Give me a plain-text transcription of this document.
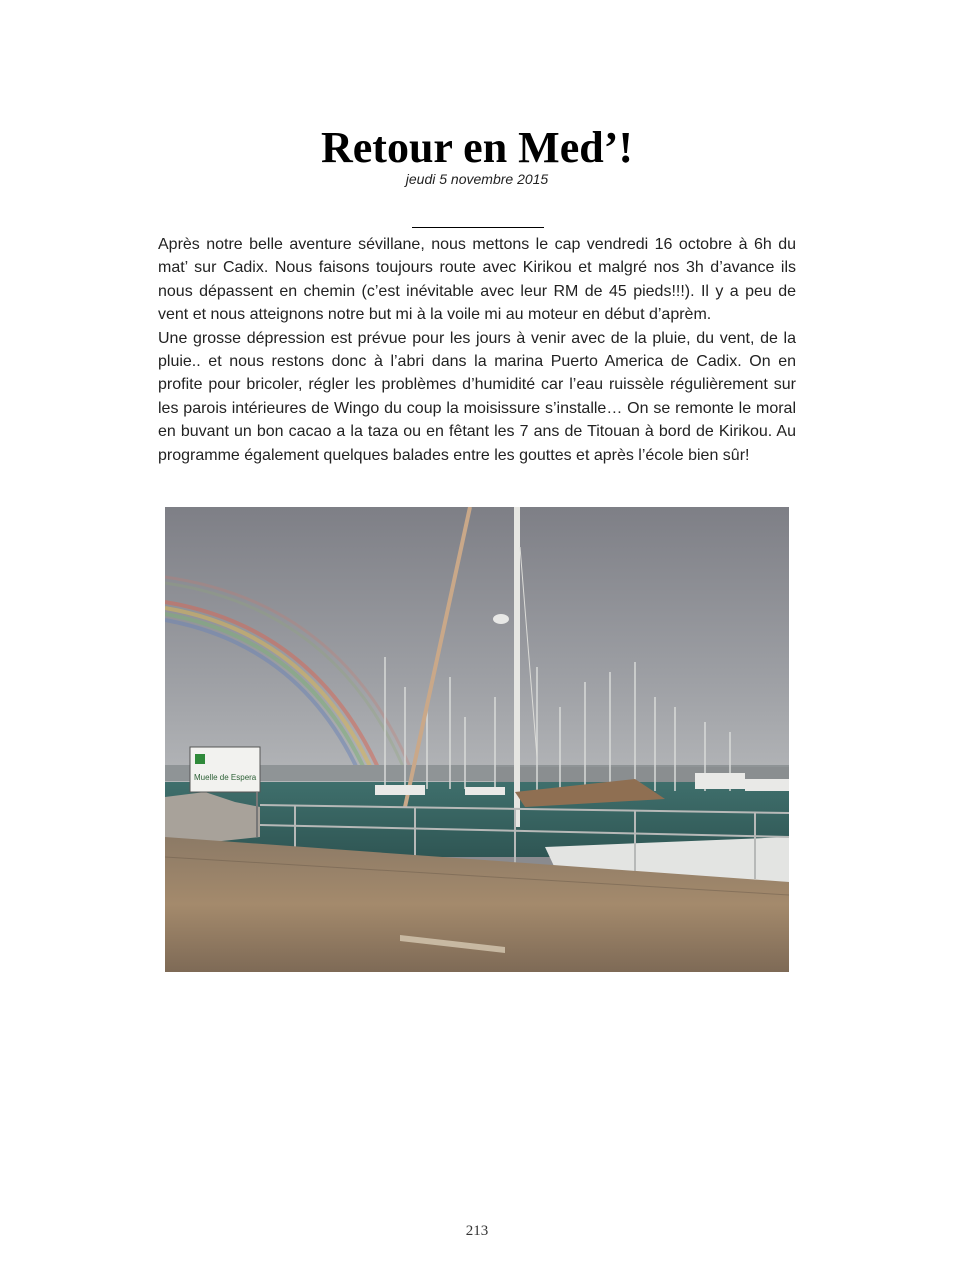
Retour en Med’!
jeudi 5 novembre 2015

Après notre belle aventure sévillane, nous mettons le cap vendredi 16 octobre à 6h du mat’ sur Cadix. Nous faisons toujours route avec Kirikou et malgré nos 3h d’avance ils nous dépassent en chemin (c’est inévitable avec leur RM de 45 pieds!!!). Il y a peu de vent et nous atteignons notre but mi à la voile mi au moteur en début d’aprèm.

Une grosse dépression est prévue pour les jours à venir avec de la pluie, du vent, de la pluie.. et nous restons donc à l’abri dans la marina Puerto America de Cadix. On en profite pour bricoler, régler les problèmes d’humidité car l’eau ruissèle régulièrement sur les parois intérieures de Wingo du coup la moisissure s’installe… On se remonte le moral en buvant un bon cacao a la taza ou en fêtant les 7 ans de Titouan à bord de Kirikou. Au programme également quelques balades entre les gouttes et après l’école bien sûr!

Muelle de Espera
213
